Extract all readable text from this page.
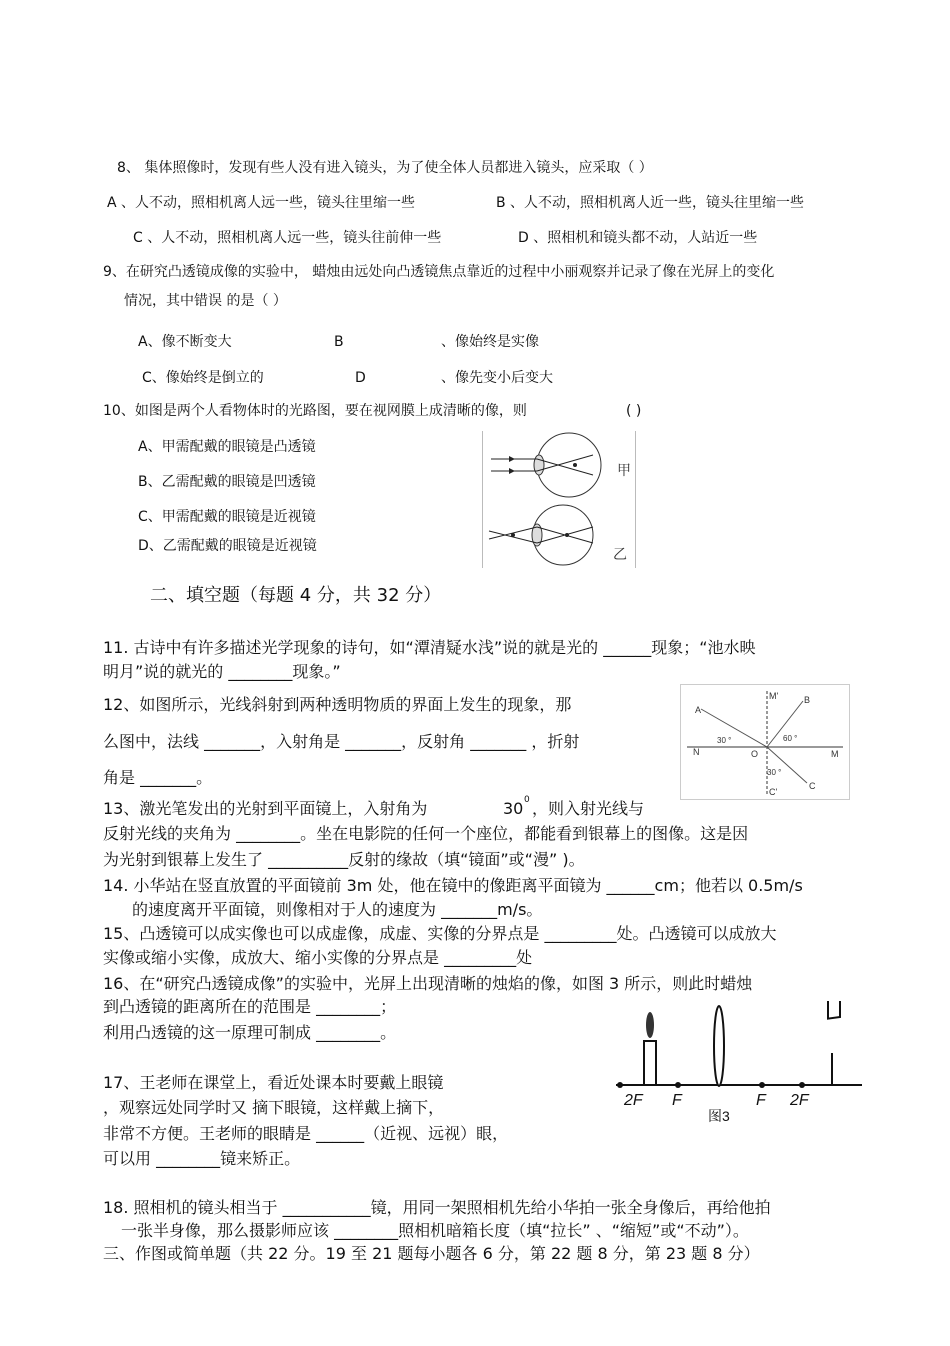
8、 集体照像时，发现有些人没有进入镜头，为了使全体人员都进入镜头，应采取（ ）
A 、人不动，照相机离人远一些，镜头往里缩一些	B 、人不动，照相机离人近一些，镜头往里缩一些
C 、人不动，照相机离人远一些，镜头往前伸一些	D 、照相机和镜头都不动，人站近一些
9、在研究凸透镜成像的实验中， 蜡烛由远处向凸透镜焦点靠近的过程中小丽观察并记录了像在光屏上的变化
情况，其中错误 的是（ ）
A、像不断变大	B	、像始终是实像
C、像始终是倒立的	D	、像先变小后变大
10、如图是两个人看物体时的光路图，要在视网膜上成清晰的像，则	( )
A、甲需配戴的眼镜是凸透镜
B、乙需配戴的眼镜是凹透镜
C、甲需配戴的眼镜是近视镜
D、乙需配戴的眼镜是近视镜
甲
乙
二、填空题（每题 4 分，共 32 分）
11. 古诗中有许多描述光学现象的诗句，如“潭清疑水浅”说的就是光的 ______现象；“池水映
明月”说的就光的 ________现象。”
12、如图所示，光线斜射到两种透明物质的界面上发生的现象，那
么图中，法线 _______，入射角是 _______，反射角 _______ ，折射
角是 _______。
A
B
C
M'
M
N	O
C'
30 °	60 °
30 °
13、激光笔发出的光射到平面镜上，入射角为	30 0 ，则入射光线与
反射光线的夹角为 ________。坐在电影院的任何一个座位，都能看到银幕上的图像。这是因
为光射到银幕上发生了 __________反射的缘故（填“镜面”或“漫” )。
14. 小华站在竖直放置的平面镜前 3m 处，他在镜中的像距离平面镜为 ______cm；他若以 0.5m/s
的速度离开平面镜，则像相对于人的速度为 _______m/s。
15、凸透镜可以成实像也可以成虚像，成虚、实像的分界点是 _________处。凸透镜可以成放大
实像或缩小实像，成放大、缩小实像的分界点是 _________处
16、在“研究凸透镜成像”的实验中，光屏上出现清晰的烛焰的像，如图 3 所示，则此时蜡烛
到凸透镜的距离所在的范围是 ________；
利用凸透镜的这一原理可制成 ________。
2F F	F 2F
图3
17、王老师在课堂上，看近处课本时要戴上眼镜
，观察远处同学时又 摘下眼镜，这样戴上摘下，
非常不方便。王老师的眼睛是 ______（近视、远视）眼，
可以用 ________镜来矫正。
18. 照相机的镜头相当于 ___________镜，用同一架照相机先给小华拍一张全身像后，再给他拍
一张半身像，那么摄影师应该 ________照相机暗箱长度（填“拉长” 、“缩短”或“不动”）。
三、作图或简单题（共 22 分。19 至 21 题每小题各 6 分，第 22 题 8 分，第 23 题 8 分）
